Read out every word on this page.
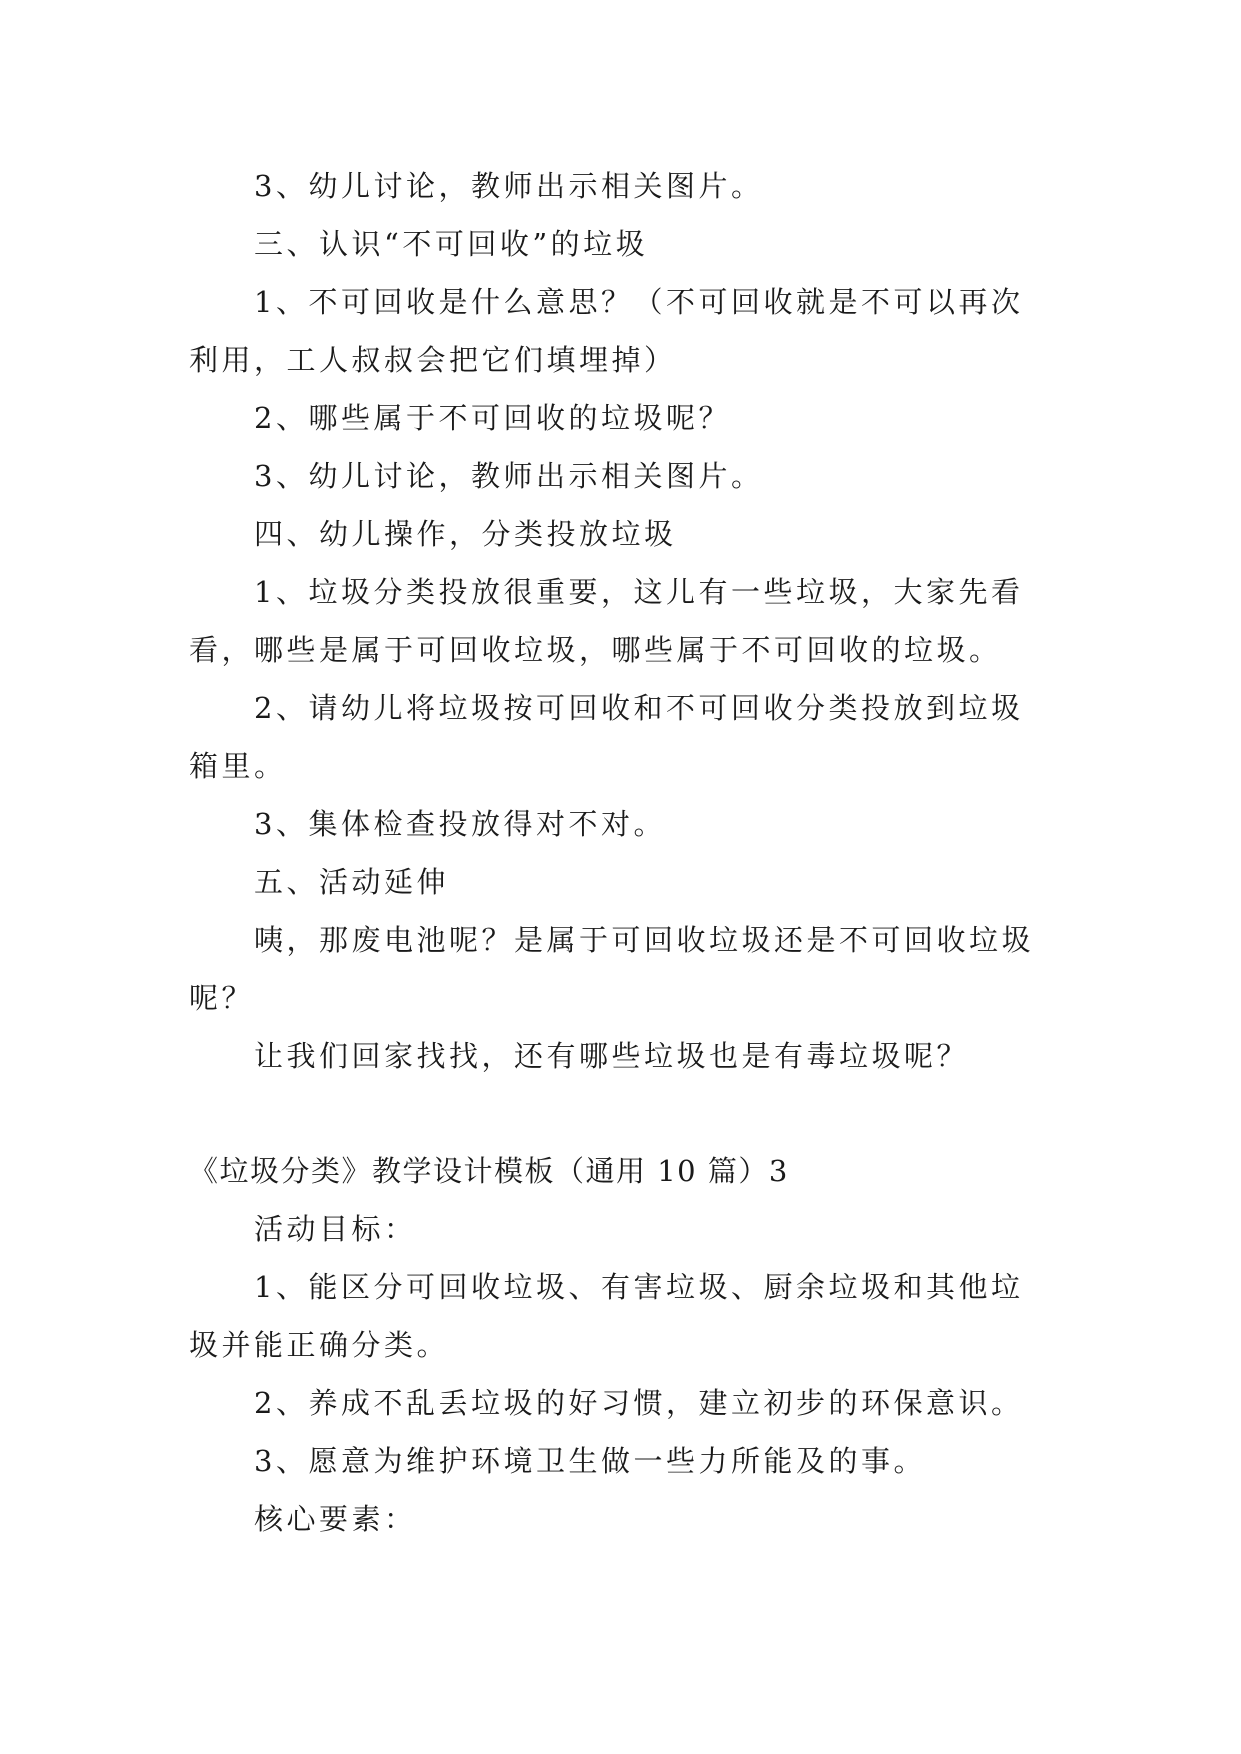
3、幼儿讨论，教师出示相关图片。
三、认识“不可回收”的垃圾
1、不可回收是什么意思？（不可回收就是不可以再次
利用，工人叔叔会把它们填埋掉）
2、哪些属于不可回收的垃圾呢？
3、幼儿讨论，教师出示相关图片。
四、幼儿操作，分类投放垃圾
1、垃圾分类投放很重要，这儿有一些垃圾，大家先看
看，哪些是属于可回收垃圾，哪些属于不可回收的垃圾。
2、请幼儿将垃圾按可回收和不可回收分类投放到垃圾
箱里。
3、集体检查投放得对不对。
五、活动延伸
咦，那废电池呢？是属于可回收垃圾还是不可回收垃圾
呢？
让我们回家找找，还有哪些垃圾也是有毒垃圾呢？
《垃圾分类》教学设计模板（通用 10 篇）3
活动目标：
1、能区分可回收垃圾、有害垃圾、厨余垃圾和其他垃
圾并能正确分类。
2、养成不乱丢垃圾的好习惯，建立初步的环保意识。
3、愿意为维护环境卫生做一些力所能及的事。
核心要素：
